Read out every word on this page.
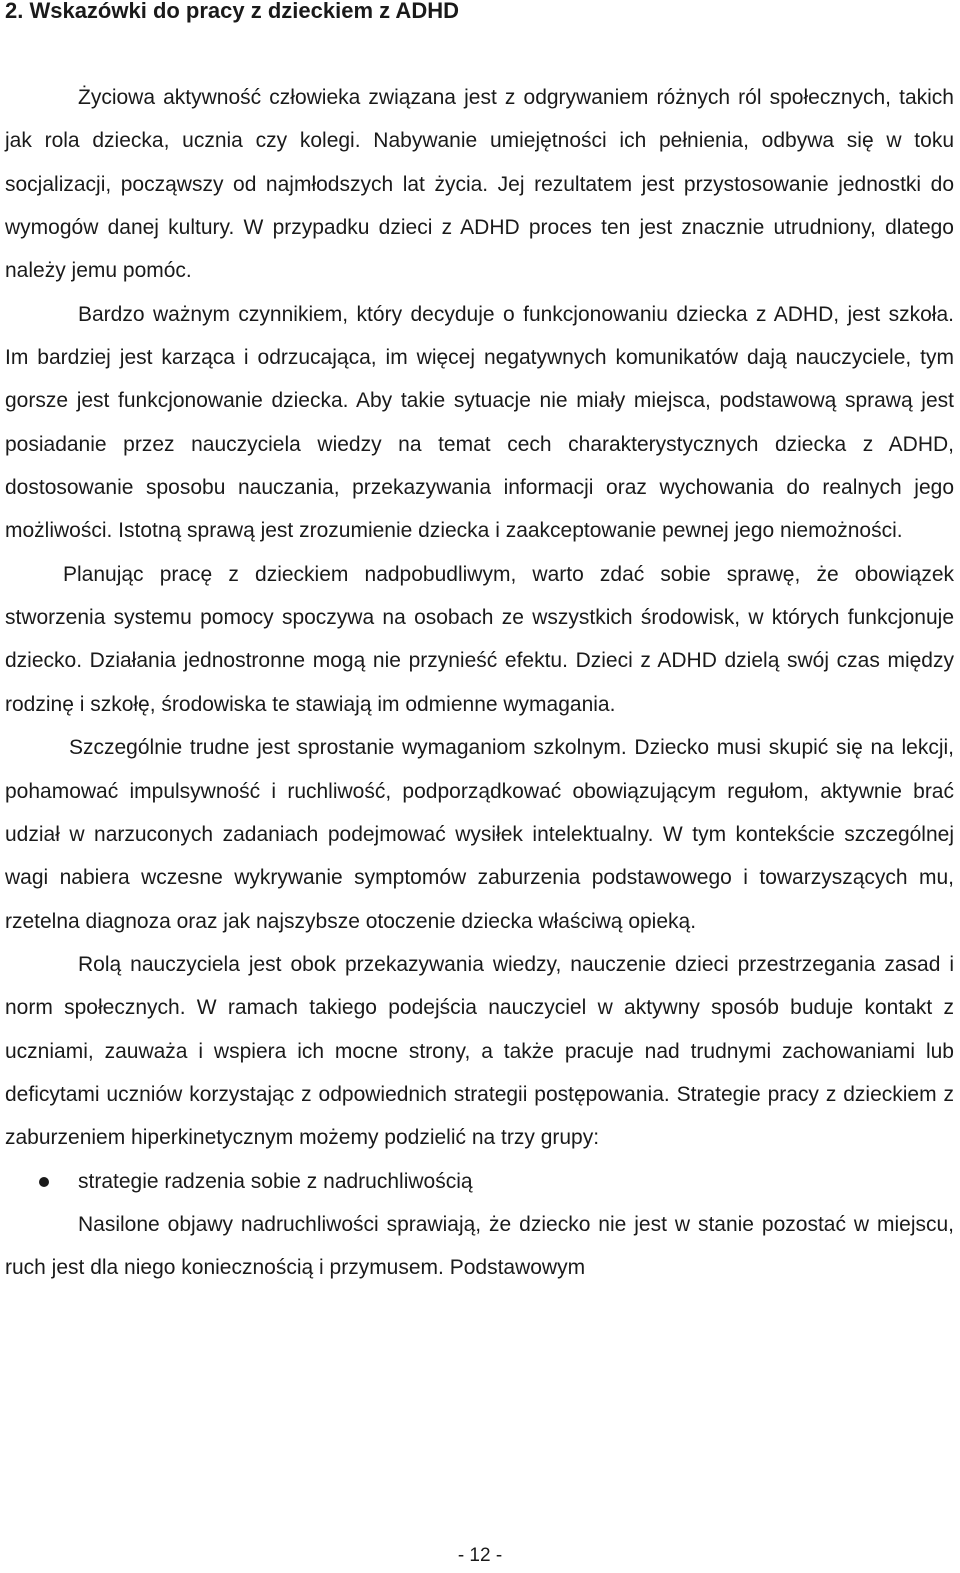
2. Wskazówki do pracy z dzieckiem z ADHD

Życiowa aktywność człowieka związana jest z odgrywaniem różnych ról społecznych, takich jak rola dziecka, ucznia czy kolegi. Nabywanie umiejętności ich pełnienia, odbywa się w toku socjalizacji, począwszy od najmłodszych lat życia. Jej rezultatem jest przystosowanie jednostki do wymogów danej kultury. W przypadku dzieci z ADHD proces ten jest znacznie utrudniony, dlatego należy jemu pomóc.

Bardzo ważnym czynnikiem, który decyduje o funkcjonowaniu dziecka z ADHD, jest szkoła. Im bardziej jest karząca i odrzucająca, im więcej negatywnych komunikatów dają nauczyciele, tym gorsze jest funkcjonowanie dziecka. Aby takie sytuacje nie miały miejsca, podstawową sprawą jest posiadanie przez nauczyciela wiedzy na temat cech charakterystycznych dziecka z ADHD, dostosowanie sposobu nauczania, przekazywania informacji oraz wychowania do realnych jego możliwości. Istotną sprawą jest zrozumienie dziecka i zaakceptowanie pewnej jego niemożności.

Planując pracę z dzieckiem nadpobudliwym, warto zdać sobie sprawę, że obowiązek stworzenia systemu pomocy spoczywa na osobach ze wszystkich środowisk, w których funkcjonuje dziecko. Działania jednostronne mogą nie przynieść efektu. Dzieci z ADHD dzielą swój czas między rodzinę i szkołę, środowiska te stawiają im odmienne wymagania.

Szczególnie trudne jest sprostanie wymaganiom szkolnym. Dziecko musi skupić się na lekcji, pohamować impulsywność i ruchliwość, podporządkować obowiązującym regułom, aktywnie brać udział w narzuconych zadaniach podejmować wysiłek intelektualny. W tym kontekście szczególnej wagi nabiera wczesne wykrywanie symptomów zaburzenia podstawowego i towarzyszących mu, rzetelna diagnoza oraz jak najszybsze otoczenie dziecka właściwą opieką.

Rolą nauczyciela jest obok przekazywania wiedzy, nauczenie dzieci przestrzegania zasad i norm społecznych. W ramach takiego podejścia nauczyciel w aktywny sposób buduje kontakt z uczniami, zauważa i wspiera ich mocne strony, a także pracuje nad trudnymi zachowaniami lub deficytami uczniów korzystając z odpowiednich strategii postępowania. Strategie pracy z dzieckiem z zaburzeniem hiperkinetycznym możemy podzielić na trzy grupy:

strategie radzenia sobie z nadruchliwością

Nasilone objawy nadruchliwości sprawiają, że dziecko nie jest w stanie pozostać w miejscu, ruch jest dla niego koniecznością i przymusem. Podstawowym

- 12 -
